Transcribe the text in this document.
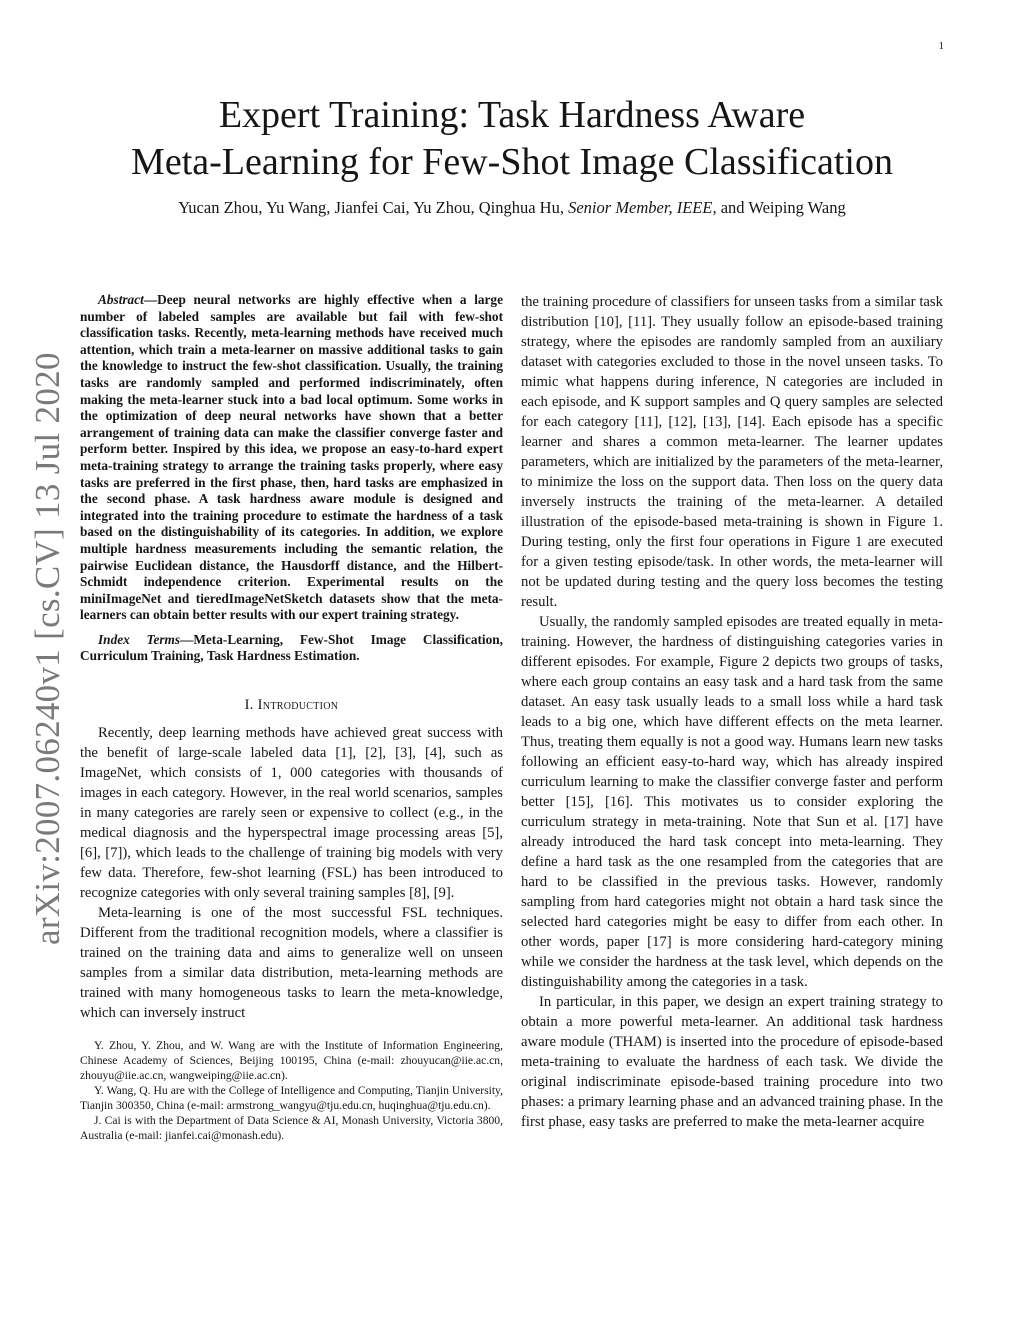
1
arXiv:2007.06240v1 [cs.CV] 13 Jul 2020
Expert Training: Task Hardness Aware
Meta-Learning for Few-Shot Image Classification

Yucan Zhou, Yu Wang, Jianfei Cai, Yu Zhou, Qinghua Hu, Senior Member, IEEE, and Weiping Wang

Abstract—Deep neural networks are highly effective when a large number of labeled samples are available but fail with few-shot classification tasks. Recently, meta-learning methods have received much attention, which train a meta-learner on massive additional tasks to gain the knowledge to instruct the few-shot classification. Usually, the training tasks are randomly sampled and performed indiscriminately, often making the meta-learner stuck into a bad local optimum. Some works in the optimization of deep neural networks have shown that a better arrangement of training data can make the classifier converge faster and perform better. Inspired by this idea, we propose an easy-to-hard expert meta-training strategy to arrange the training tasks properly, where easy tasks are preferred in the first phase, then, hard tasks are emphasized in the second phase. A task hardness aware module is designed and integrated into the training procedure to estimate the hardness of a task based on the distinguishability of its categories. In addition, we explore multiple hardness measurements including the semantic relation, the pairwise Euclidean distance, the Hausdorff distance, and the Hilbert-Schmidt independence criterion. Experimental results on the miniImageNet and tieredImageNetSketch datasets show that the meta-learners can obtain better results with our expert training strategy.

Index Terms—Meta-Learning, Few-Shot Image Classification, Curriculum Training, Task Hardness Estimation.

I. Introduction

Recently, deep learning methods have achieved great success with the benefit of large-scale labeled data [1], [2], [3], [4], such as ImageNet, which consists of 1, 000 categories with thousands of images in each category. However, in the real world scenarios, samples in many categories are rarely seen or expensive to collect (e.g., in the medical diagnosis and the hyperspectral image processing areas [5], [6], [7]), which leads to the challenge of training big models with very few data. Therefore, few-shot learning (FSL) has been introduced to recognize categories with only several training samples [8], [9].

Meta-learning is one of the most successful FSL techniques. Different from the traditional recognition models, where a classifier is trained on the training data and aims to generalize well on unseen samples from a similar data distribution, meta-learning methods are trained with many homogeneous tasks to learn the meta-knowledge, which can inversely instruct

Y. Zhou, Y. Zhou, and W. Wang are with the Institute of Information Engineering, Chinese Academy of Sciences, Beijing 100195, China (e-mail: zhouyucan@iie.ac.cn, zhouyu@iie.ac.cn, wangweiping@iie.ac.cn).

Y. Wang, Q. Hu are with the College of Intelligence and Computing, Tianjin University, Tianjin 300350, China (e-mail: armstrong_wangyu@tju.edu.cn, huqinghua@tju.edu.cn).

J. Cai is with the Department of Data Science & AI, Monash University, Victoria 3800, Australia (e-mail: jianfei.cai@monash.edu).

the training procedure of classifiers for unseen tasks from a similar task distribution [10], [11]. They usually follow an episode-based training strategy, where the episodes are randomly sampled from an auxiliary dataset with categories excluded to those in the novel unseen tasks. To mimic what happens during inference, N categories are included in each episode, and K support samples and Q query samples are selected for each category [11], [12], [13], [14]. Each episode has a specific learner and shares a common meta-learner. The learner updates parameters, which are initialized by the parameters of the meta-learner, to minimize the loss on the support data. Then loss on the query data inversely instructs the training of the meta-learner. A detailed illustration of the episode-based meta-training is shown in Figure 1. During testing, only the first four operations in Figure 1 are executed for a given testing episode/task. In other words, the meta-learner will not be updated during testing and the query loss becomes the testing result.

Usually, the randomly sampled episodes are treated equally in meta-training. However, the hardness of distinguishing categories varies in different episodes. For example, Figure 2 depicts two groups of tasks, where each group contains an easy task and a hard task from the same dataset. An easy task usually leads to a small loss while a hard task leads to a big one, which have different effects on the meta learner. Thus, treating them equally is not a good way. Humans learn new tasks following an efficient easy-to-hard way, which has already inspired curriculum learning to make the classifier converge faster and perform better [15], [16]. This motivates us to consider exploring the curriculum strategy in meta-training. Note that Sun et al. [17] have already introduced the hard task concept into meta-learning. They define a hard task as the one resampled from the categories that are hard to be classified in the previous tasks. However, randomly sampling from hard categories might not obtain a hard task since the selected hard categories might be easy to differ from each other. In other words, paper [17] is more considering hard-category mining while we consider the hardness at the task level, which depends on the distinguishability among the categories in a task.

In particular, in this paper, we design an expert training strategy to obtain a more powerful meta-learner. An additional task hardness aware module (THAM) is inserted into the procedure of episode-based meta-training to evaluate the hardness of each task. We divide the original indiscriminate episode-based training procedure into two phases: a primary learning phase and an advanced training phase. In the first phase, easy tasks are preferred to make the meta-learner acquire
